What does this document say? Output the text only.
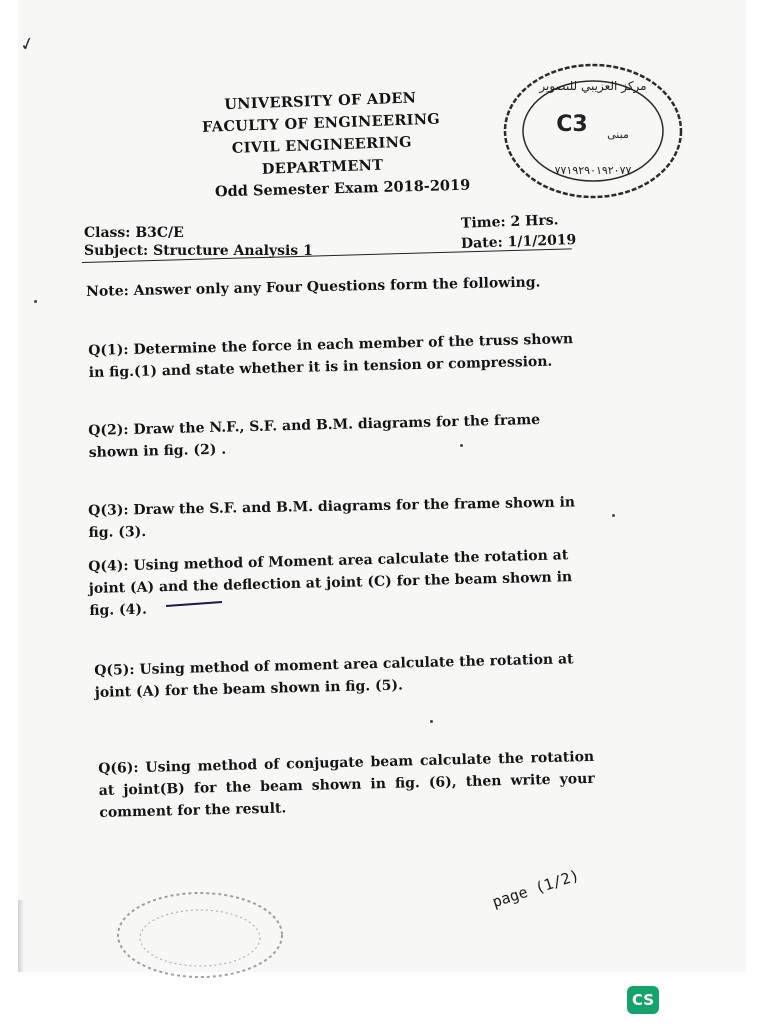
✓
UNIVERSITY OF ADEN
FACULTY OF ENGINEERING
CIVIL ENGINEERING DEPARTMENT
Odd Semester Exam 2018-2019
Class: B3C/E
Subject: Structure Analysis 1
Time: 2 Hrs.
Date: 1/1/2019
Note: Answer only any Four Questions form the following.
Q(1): Determine the force in each member of the truss shown in fig.(1) and state whether it is in tension or compression.
Q(2): Draw the N.F., S.F. and B.M. diagrams for the frame shown in fig. (2) .
Q(3): Draw the S.F. and B.M. diagrams for the frame shown in fig. (3).
Q(4): Using method of Moment area calculate the rotation at joint (A) and the deflection at joint (C) for the beam shown in fig. (4).
Q(5): Using method of moment area calculate the rotation at joint (A) for the beam shown in fig. (5).
Q(6): Using method of conjugate beam calculate the rotation at joint(B) for the beam shown in fig. (6), then write your comment for the result.
page (1/2)
مركز العزيبي للتصوير
C3 مبنى
٧٧١٩٢٩٠١٩٢٠٧٧
CS
